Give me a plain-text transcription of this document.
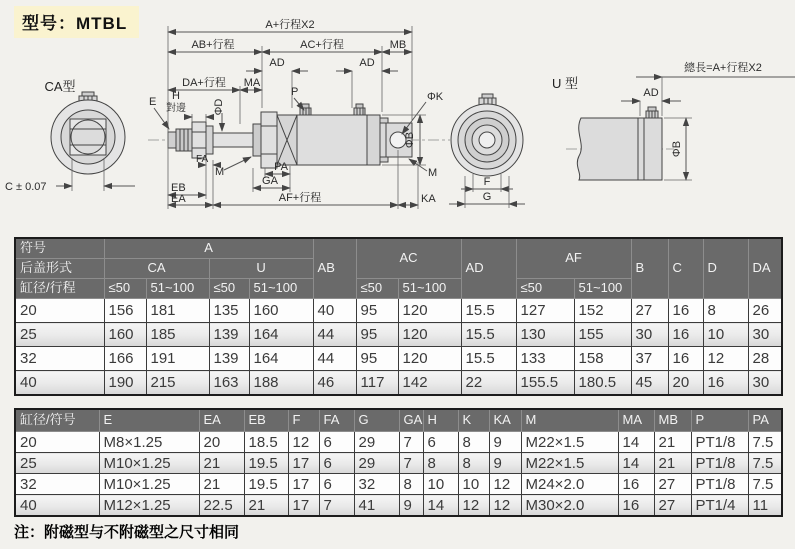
型号：MTBL
CA型
C ± 0.07
A+行程X2
AB+行程	AC+行程	MB
AD	AD
DA+行程 MA
P	ΦK
E H
對邊 ΦD
FA
M	PA
GA
EB
EA	AF+行程	KA
M
ΦB
F
G
U 型
總長=A+行程X2
AD
ΦB
符号	A				AB	AC		AD	AF		B	C	D	DA
后盖形式	CA		U											
缸径/行程	≤50	51~100	≤50	51~100		≤50	51~100		≤50	51~100				
20	156	181	135	160	40	95	120	15.5	127	152	27	16	8	26
25	160	185	139	164	44	95	120	15.5	130	155	30	16	10	30
32	166	191	139	164	44	95	120	15.5	133	158	37	16	12	28
40	190	215	163	188	46	117	142	22	155.5	180.5	45	20	16	30
缸径/符号	E	EA	EB	F	FA	G	GA	H	K	KA	M	MA	MB	P	PA
20	M8×1.25	20	18.5	12	6	29	7	6	8	9	M22×1.5	14	21	PT1/8	7.5
25	M10×1.25	21	19.5	17	6	29	7	8	8	9	M22×1.5	14	21	PT1/8	7.5
32	M10×1.25	21	19.5	17	6	32	8	10	10	12	M24×2.0	16	27	PT1/8	7.5
40	M12×1.25	22.5	21	17	7	41	9	14	12	12	M30×2.0	16	27	PT1/4	11
注：附磁型与不附磁型之尺寸相同
